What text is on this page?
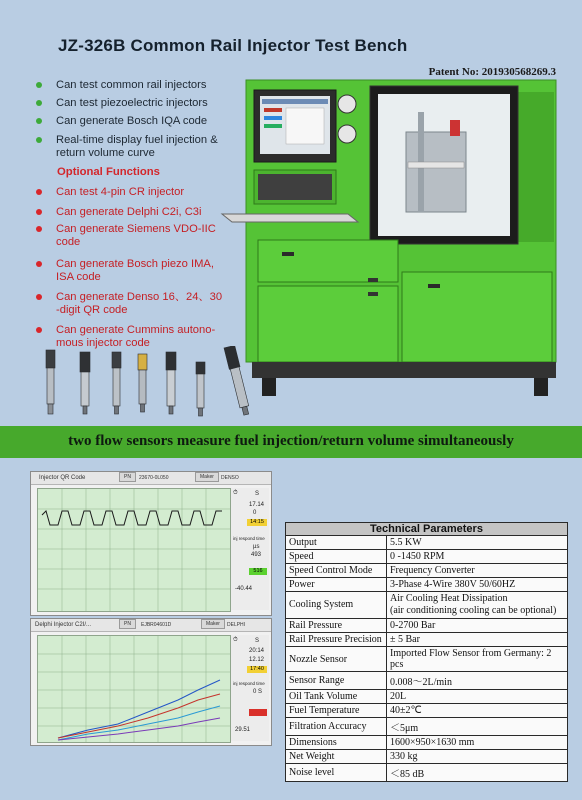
JZ-326B Common Rail Injector Test Bench
Patent No: 201930568269.3
Can test common rail injectors
Can test piezoelectric injectors
Can generate Bosch IQA code
Real-time display fuel injection & return volume curve
Optional Functions
Can test 4-pin CR injector
Can generate Delphi C2i, C3i
Can generate Siemens VDO-IIC code
Can generate Bosch piezo IMA, ISA code
Can generate Denso 16、24、30 -digit QR code
Can generate Cummins autono- mous injector code
two flow sensors measure fuel injection/return volume simultaneously
Injector QR Code	PN	23670-0L050	Maker	DENSO
⏱	S
17.14
0
14:15
inj respond time
µs
493
516
-40.44
Delphi Injector C2I/...	PN	EJBR04601D	Maker	DELPHI
⏱	S
20:14
12.12
17:40
inj respond time
0 S
29.51
Technical Parameters	
Output	5.5 KW
Speed	0 -1450 RPM
Speed Control Mode	Frequency Converter
Power	3-Phase 4-Wire 380V 50/60HZ
Cooling System	Air Cooling Heat Dissipation
(air conditioning cooling can be optional)
Rail Pressure	0-2700 Bar
Rail Pressure Precision	± 5 Bar
Nozzle Sensor	Imported Flow Sensor from Germany: 2 pcs
Sensor Range	0.008～2L/min
Oil Tank Volume	20L
Fuel Temperature	40±2℃
Filtration Accuracy	＜5μm
Dimensions	1600×950×1630 mm
Net Weight	330 kg
Noise level	＜85 dB
